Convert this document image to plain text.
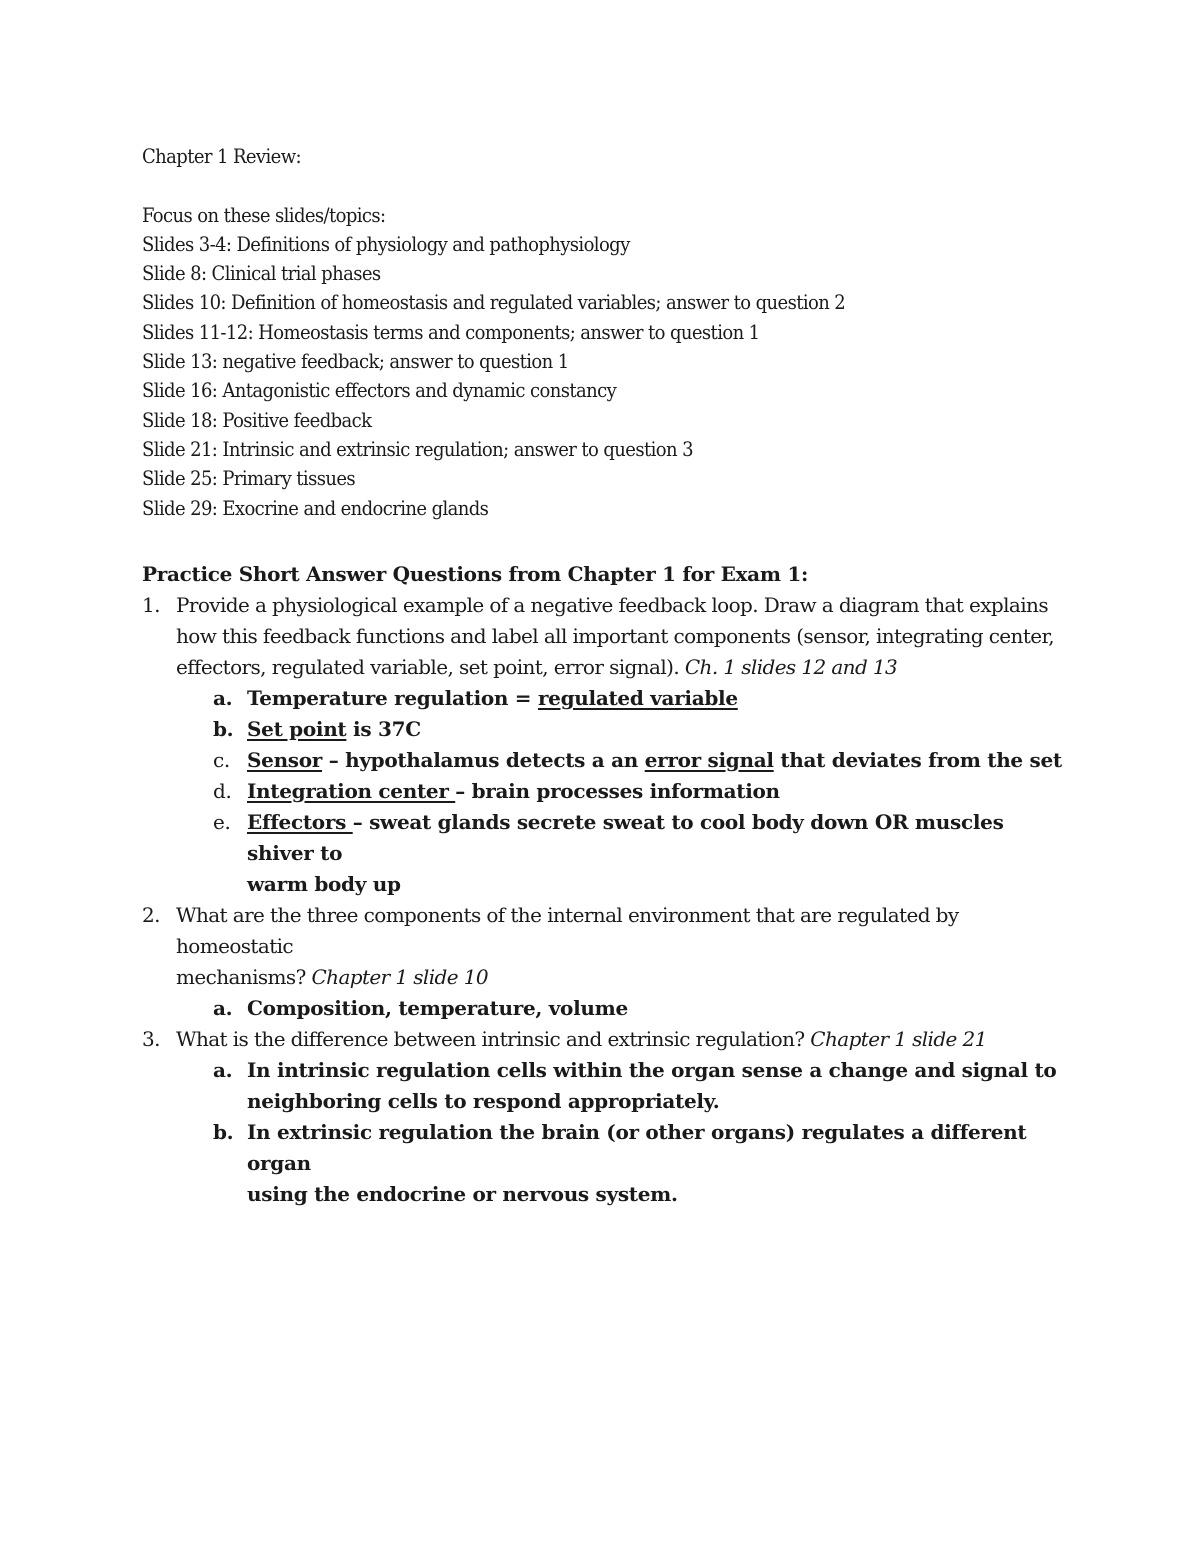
Chapter 1 Review:
Focus on these slides/topics:
Slides 3-4: Definitions of physiology and pathophysiology
Slide 8: Clinical trial phases
Slides 10: Definition of homeostasis and regulated variables; answer to question 2
Slides 11-12: Homeostasis terms and components; answer to question 1
Slide 13: negative feedback; answer to question 1
Slide 16: Antagonistic effectors and dynamic constancy
Slide 18: Positive feedback
Slide 21: Intrinsic and extrinsic regulation; answer to question 3
Slide 25: Primary tissues
Slide 29: Exocrine and endocrine glands
Practice Short Answer Questions from Chapter 1 for Exam 1:
1. Provide a physiological example of a negative feedback loop. Draw a diagram that explains
how this feedback functions and label all important components (sensor, integrating center,
effectors, regulated variable, set point, error signal). Ch. 1 slides 12 and 13
a. Temperature regulation = regulated variable
b. Set point is 37C
c. Sensor – hypothalamus detects a an error signal that deviates from the set
d. Integration center – brain processes information
e. Effectors – sweat glands secrete sweat to cool body down OR muscles shiver to
warm body up
2. What are the three components of the internal environment that are regulated by homeostatic
mechanisms? Chapter 1 slide 10
a. Composition, temperature, volume
3. What is the difference between intrinsic and extrinsic regulation? Chapter 1 slide 21
a. In intrinsic regulation cells within the organ sense a change and signal to
neighboring cells to respond appropriately.
b. In extrinsic regulation the brain (or other organs) regulates a different organ
using the endocrine or nervous system.
